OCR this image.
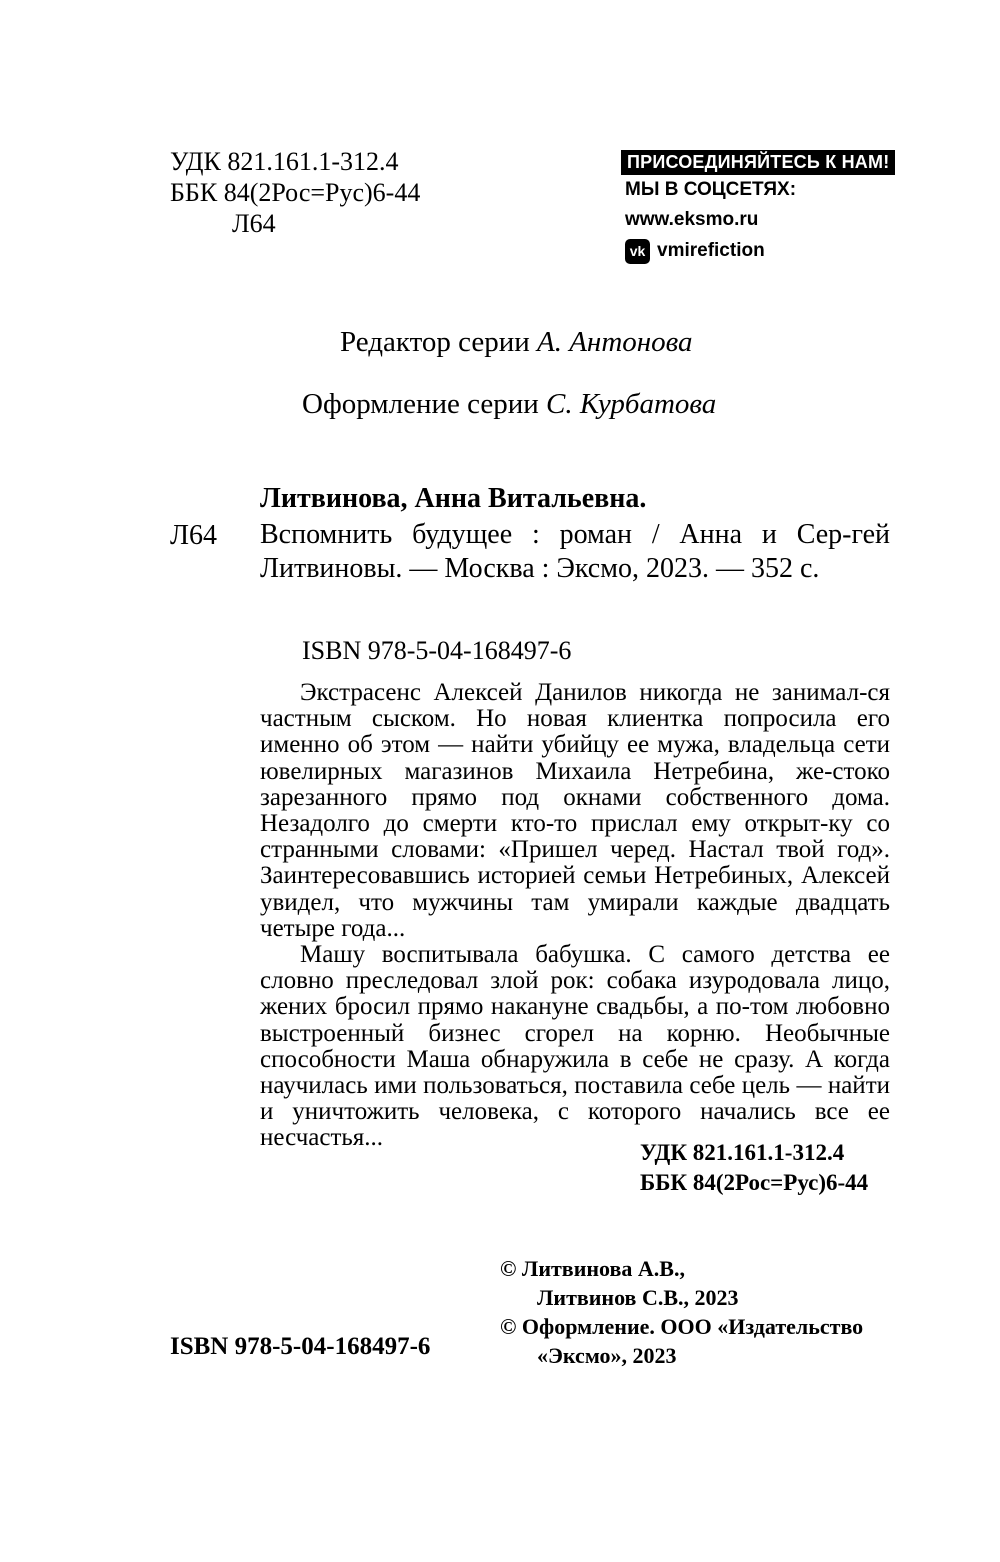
УДК 821.161.1-312.4
ББК 84(2Рос=Рус)6-44
Л64
ПРИСОЕДИНЯЙТЕСЬ К НАМ!
МЫ В СОЦСЕТЯХ:
www.eksmo.ru
vk vmirefiction
Редактор серии А. Антонова
Оформление серии С. Курбатова
Литвинова, Анна Витальевна.
Л64 Вспомнить будущее : роман / Анна и Сер-гей Литвиновы. — Москва : Эксмо, 2023. — 352 с.
ISBN 978-5-04-168497-6

Экстрасенс Алексей Данилов никогда не занимал-ся частным сыском. Но новая клиентка попросила его именно об этом — найти убийцу ее мужа, владельца сети ювелирных магазинов Михаила Нетребина, же-стоко зарезанного прямо под окнами собственного дома. Незадолго до смерти кто-то прислал ему открыт-ку со странными словами: «Пришел черед. Настал твой год». Заинтересовавшись историей семьи Нетребиных, Алексей увидел, что мужчины там умирали каждые двадцать четыре года...

Машу воспитывала бабушка. С самого детства ее словно преследовал злой рок: собака изуродовала лицо, жених бросил прямо накануне свадьбы, а по-том любовно выстроенный бизнес сгорел на корню. Необычные способности Маша обнаружила в себе не сразу. А когда научилась ими пользоваться, поставила себе цель — найти и уничтожить человека, с которого начались все ее несчастья...

УДК 821.161.1-312.4
ББК 84(2Рос=Рус)6-44
© Литвинова А.В.,
Литвинов С.В., 2023
© Оформление. ООО «Издательство
«Эксмо», 2023
ISBN 978-5-04-168497-6
